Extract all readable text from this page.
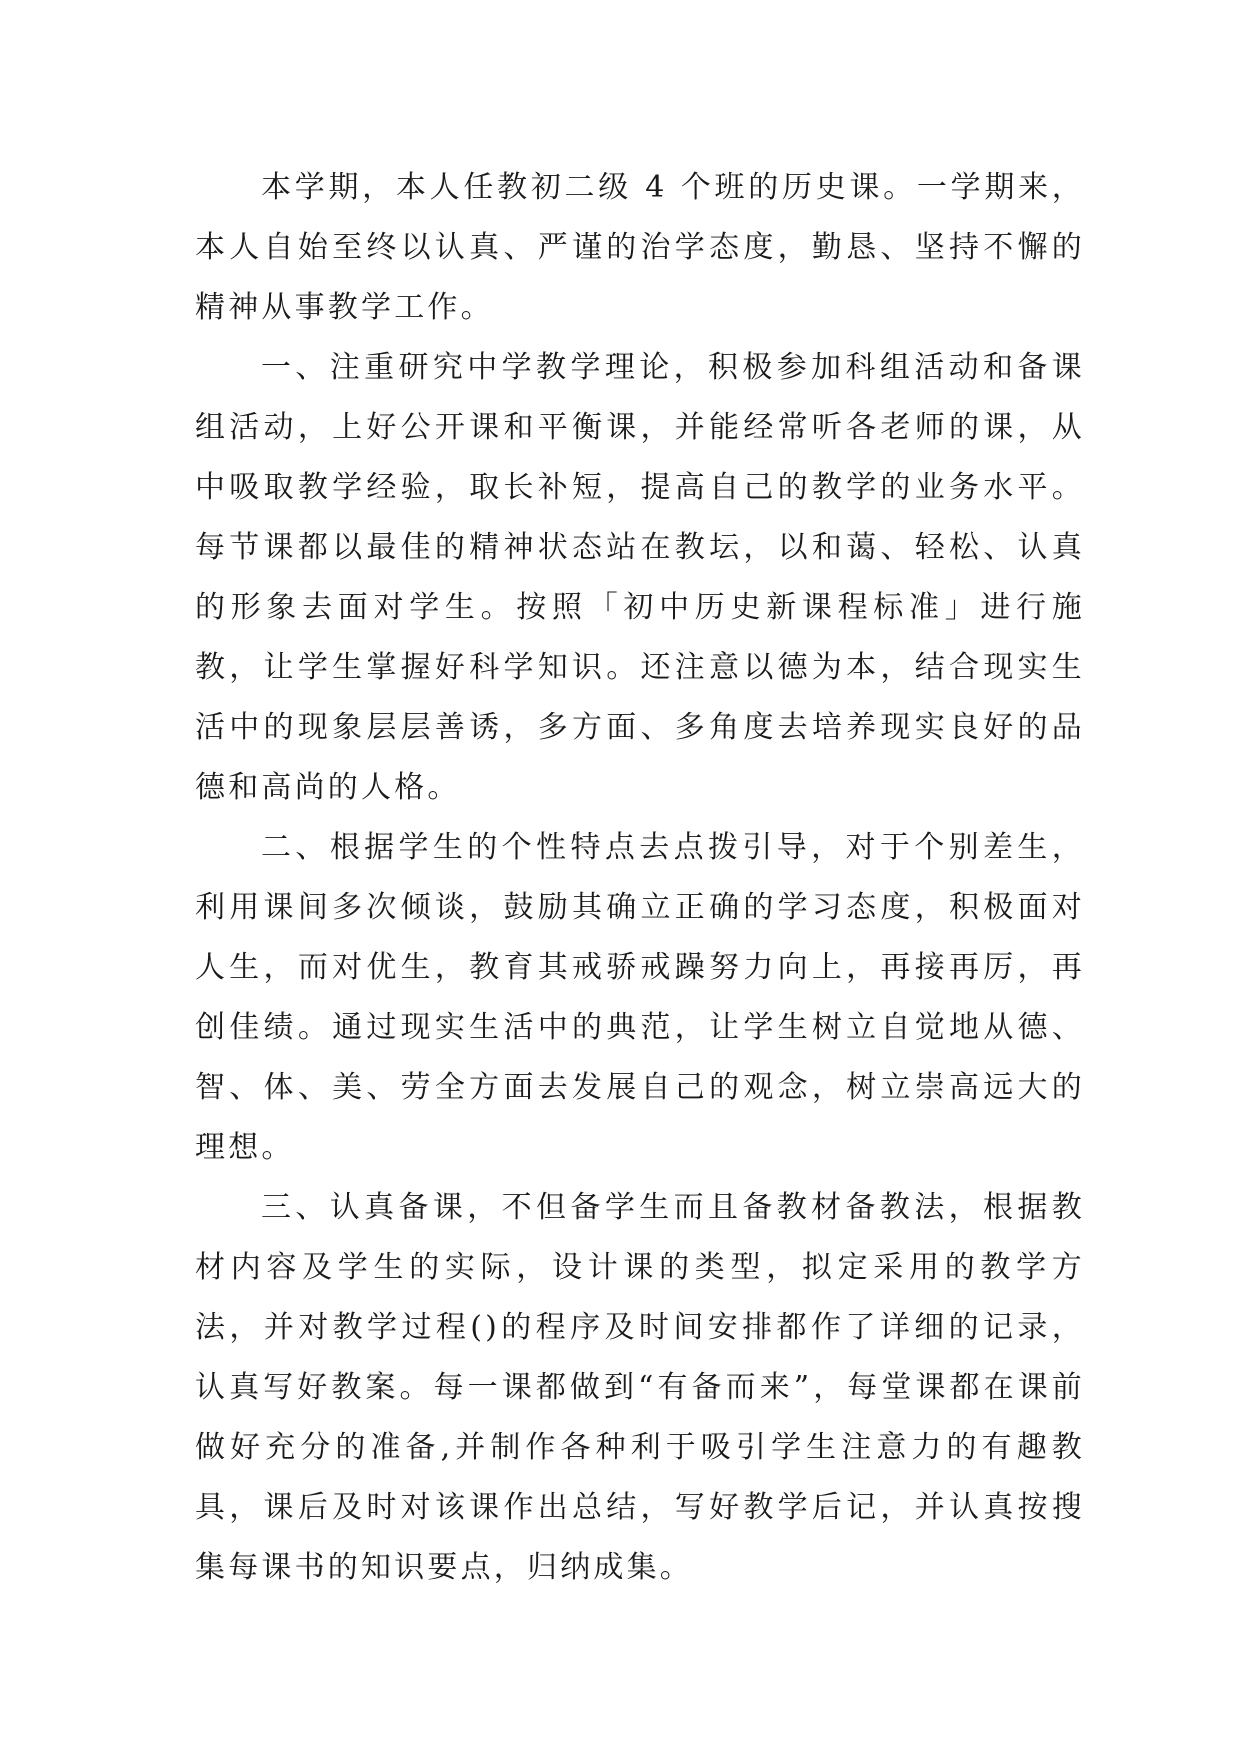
本学期，本人任教初二级 4 个班的历史课。一学期来，本人自始至终以认真、严谨的治学态度，勤恳、坚持不懈的精神从事教学工作。

一、注重研究中学教学理论，积极参加科组活动和备课组活动，上好公开课和平衡课，并能经常听各老师的课，从中吸取教学经验，取长补短，提高自己的教学的业务水平。每节课都以最佳的精神状态站在教坛，以和蔼、轻松、认真的形象去面对学生。按照「初中历史新课程标准」进行施教，让学生掌握好科学知识。还注意以德为本，结合现实生活中的现象层层善诱，多方面、多角度去培养现实良好的品德和高尚的人格。

二、根据学生的个性特点去点拨引导，对于个别差生，利用课间多次倾谈，鼓励其确立正确的学习态度，积极面对人生，而对优生，教育其戒骄戒躁努力向上，再接再厉，再创佳绩。通过现实生活中的典范，让学生树立自觉地从德、智、体、美、劳全方面去发展自己的观念，树立崇高远大的理想。

三、认真备课，不但备学生而且备教材备教法，根据教材内容及学生的实际，设计课的类型，拟定采用的教学方法，并对教学过程()的程序及时间安排都作了详细的记录，认真写好教案。每一课都做到“有备而来”，每堂课都在课前做好充分的准备,并制作各种利于吸引学生注意力的有趣教具，课后及时对该课作出总结，写好教学后记，并认真按搜集每课书的知识要点，归纳成集。
